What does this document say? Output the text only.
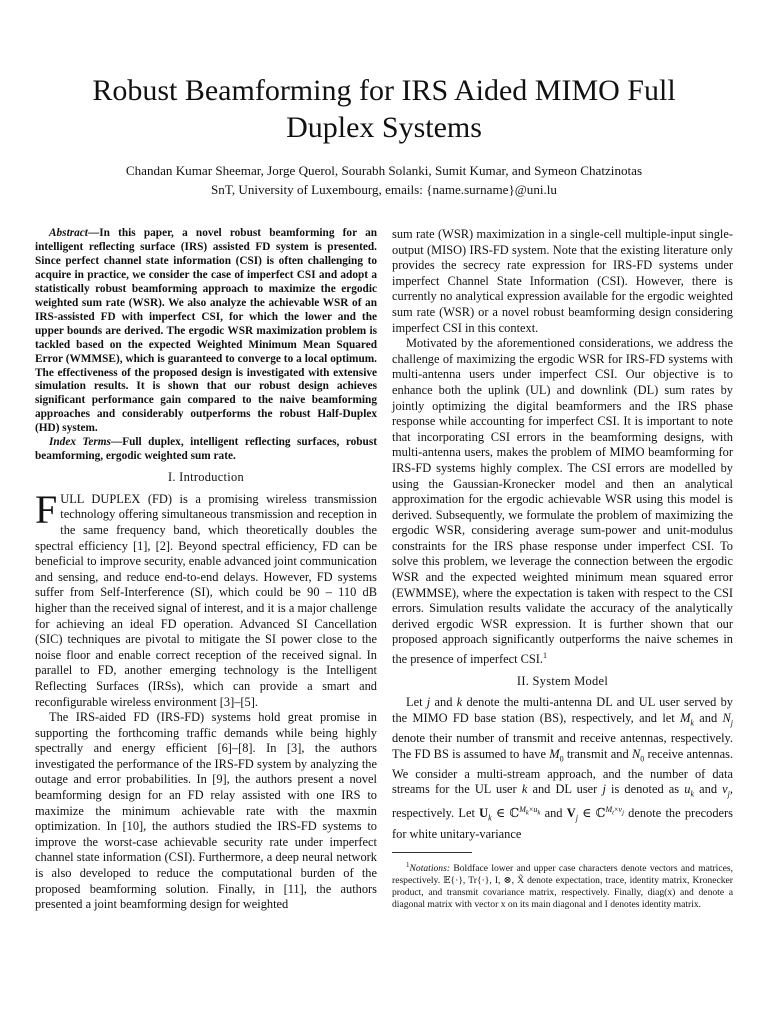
Robust Beamforming for IRS Aided MIMO Full Duplex Systems
Chandan Kumar Sheemar, Jorge Querol, Sourabh Solanki, Sumit Kumar, and Symeon Chatzinotas
SnT, University of Luxembourg, emails: {name.surname}@uni.lu

Abstract—In this paper, a novel robust beamforming for an intelligent reflecting surface (IRS) assisted FD system is presented. Since perfect channel state information (CSI) is often challenging to acquire in practice, we consider the case of imperfect CSI and adopt a statistically robust beamforming approach to maximize the ergodic weighted sum rate (WSR). We also analyze the achievable WSR of an IRS-assisted FD with imperfect CSI, for which the lower and the upper bounds are derived. The ergodic WSR maximization problem is tackled based on the expected Weighted Minimum Mean Squared Error (WMMSE), which is guaranteed to converge to a local optimum. The effectiveness of the proposed design is investigated with extensive simulation results. It is shown that our robust design achieves significant performance gain compared to the naive beamforming approaches and considerably outperforms the robust Half-Duplex (HD) system.

Index Terms—Full duplex, intelligent reflecting surfaces, robust beamforming, ergodic weighted sum rate.

I. Introduction

FULL DUPLEX (FD) is a promising wireless transmission technology offering simultaneous transmission and reception in the same frequency band, which theoretically doubles the spectral efficiency [1], [2]. Beyond spectral efficiency, FD can be beneficial to improve security, enable advanced joint communication and sensing, and reduce end-to-end delays. However, FD systems suffer from Self-Interference (SI), which could be 90 – 110 dB higher than the received signal of interest, and it is a major challenge for achieving an ideal FD operation. Advanced SI Cancellation (SIC) techniques are pivotal to mitigate the SI power close to the noise floor and enable correct reception of the received signal. In parallel to FD, another emerging technology is the Intelligent Reflecting Surfaces (IRSs), which can provide a smart and reconfigurable wireless environment [3]–[5].

The IRS-aided FD (IRS-FD) systems hold great promise in supporting the forthcoming traffic demands while being highly spectrally and energy efficient [6]–[8]. In [3], the authors investigated the performance of the IRS-FD system by analyzing the outage and error probabilities. In [9], the authors present a novel beamforming design for an FD relay assisted with one IRS to maximize the minimum achievable rate with the maxmin optimization. In [10], the authors studied the IRS-FD systems to improve the worst-case achievable security rate under imperfect channel state information (CSI). Furthermore, a deep neural network is also developed to reduce the computational burden of the proposed beamforming solution. Finally, in [11], the authors presented a joint beamforming design for weighted

sum rate (WSR) maximization in a single-cell multiple-input single-output (MISO) IRS-FD system. Note that the existing literature only provides the secrecy rate expression for IRS-FD systems under imperfect Channel State Information (CSI). However, there is currently no analytical expression available for the ergodic weighted sum rate (WSR) or a novel robust beamforming design considering imperfect CSI in this context.

Motivated by the aforementioned considerations, we address the challenge of maximizing the ergodic WSR for IRS-FD systems with multi-antenna users under imperfect CSI. Our objective is to enhance both the uplink (UL) and downlink (DL) sum rates by jointly optimizing the digital beamformers and the IRS phase response while accounting for imperfect CSI. It is important to note that incorporating CSI errors in the beamforming designs, with multi-antenna users, makes the problem of MIMO beamforming for IRS-FD systems highly complex. The CSI errors are modelled by using the Gaussian-Kronecker model and then an analytical approximation for the ergodic achievable WSR using this model is derived. Subsequently, we formulate the problem of maximizing the ergodic WSR, considering average sum-power and unit-modulus constraints for the IRS phase response under imperfect CSI. To solve this problem, we leverage the connection between the ergodic WSR and the expected weighted minimum mean squared error (EWMMSE), where the expectation is taken with respect to the CSI errors. Simulation results validate the accuracy of the analytically derived ergodic WSR expression. It is further shown that our proposed approach significantly outperforms the naive schemes in the presence of imperfect CSI.$^1$

II. System Model

Let j and k denote the multi-antenna DL and UL user served by the MIMO FD base station (BS), respectively, and let $M_k$ and $N_j$ denote their number of transmit and receive antennas, respectively. The FD BS is assumed to have $M_0$ transmit and $N_0$ receive antennas. We consider a multi-stream approach, and the number of data streams for the UL user k and DL user j is denoted as $u_k$ and $v_j$, respectively. Let $U_k$ ∈ ℂ$^{M_k\times u_k}$ and $V_j$ ∈ ℂ$^{M_t\times v_j}$ denote the precoders for white unitary-variance

$^1$Notations: Boldface lower and upper case characters denote vectors and matrices, respectively. 𝔼{·}, Tr{·}, I, ⊗, X̃ denote expectation, trace, identity matrix, Kronecker product, and transmit covariance matrix, respectively. Finally, diag(x) and denote a diagonal matrix with vector x on its main diagonal and I denotes identity matrix.
